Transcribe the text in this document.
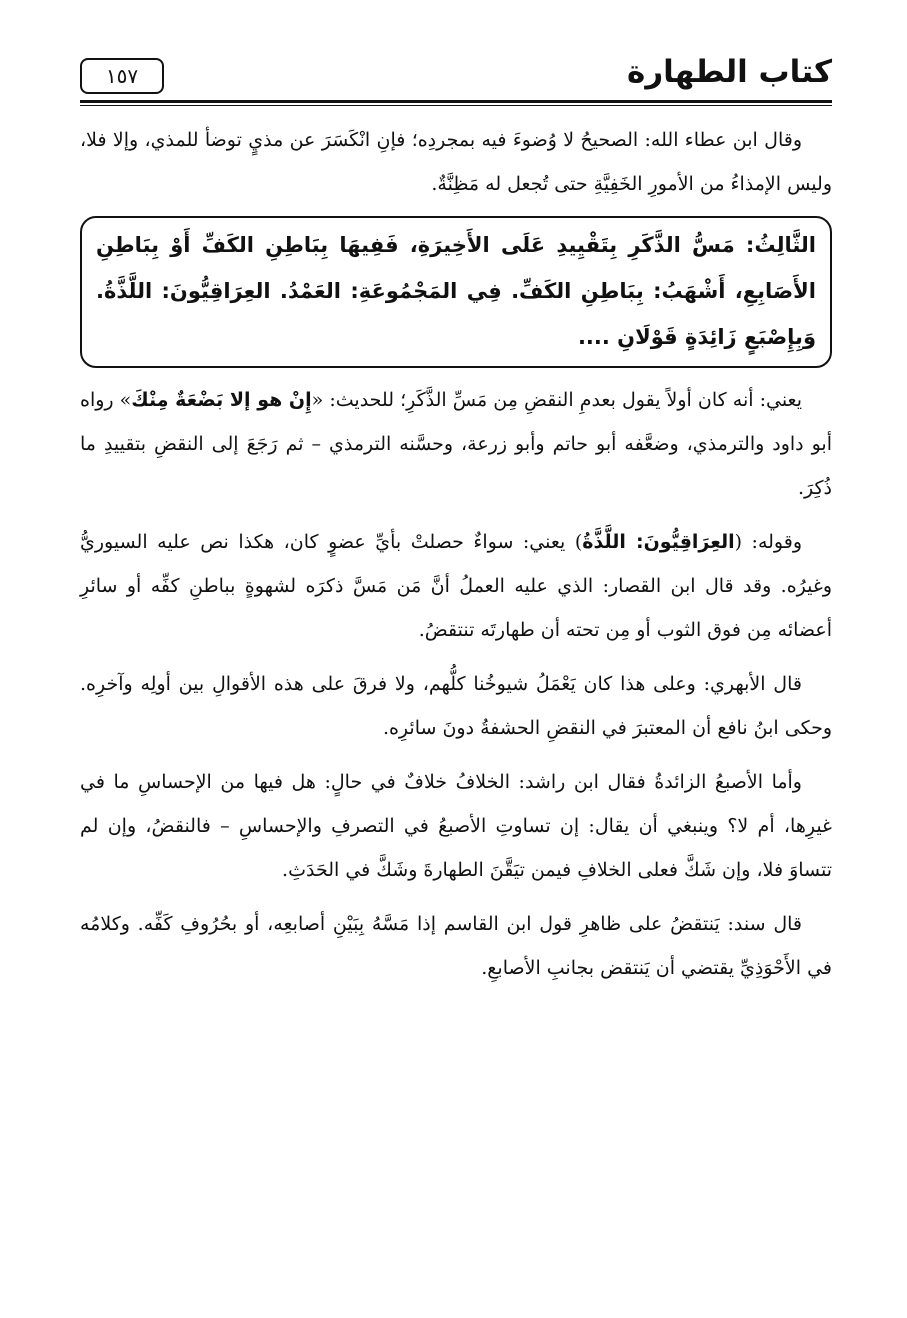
كتاب الطهارة
١٥٧

وقال ابن عطاء الله: الصحيحُ لا وُضوءَ فيه بمجردِه؛ فإنِ انْكَسَرَ عن مذيٍ توضأ للمذي، وإلا فلا، وليس الإمذاءُ من الأمورِ الخَفِيَّةِ حتى تُجعل له مَظِنَّةٌ.

الثَّالِثُ: مَسُّ الذَّكَرِ بِتَقْيِيدِ عَلَى الأَخِيرَةِ، فَفِيهَا بِبَاطِنِ الكَفِّ أَوْ بِبَاطِنِ الأَصَابِعِ، أَشْهَبُ: بِبَاطِنِ الكَفِّ. فِي المَجْمُوعَةِ: العَمْدُ. العِرَاقِيُّونَ: اللَّذَّةُ. وَبِإِصْبَعٍ زَائِدَةٍ قَوْلَانِ ....

يعني: أنه كان أولاً يقول بعدمِ النقضِ مِن مَسِّ الذَّكَرِ؛ للحديث: «إِنْ هو إلا بَضْعَةٌ مِنْكَ» رواه أبو داود والترمذي، وضعَّفه أبو حاتم وأبو زرعة، وحسَّنه الترمذي – ثم رَجَعَ إلى النقضِ بتقييدِ ما ذُكِرَ.

وقوله: (العِرَاقِيُّونَ: اللَّذَّةُ) يعني: سواءٌ حصلتْ بأيِّ عضوٍ كان، هكذا نص عليه السيوريُّ وغيرُه. وقد قال ابن القصار: الذي عليه العملُ أنَّ مَن مَسَّ ذكرَه لشهوةٍ بباطنِ كفِّه أو سائرِ أعضائه مِن فوق الثوب أو مِن تحته أن طهارتَه تنتقضُ.

قال الأبهري: وعلى هذا كان يَعْمَلُ شيوخُنا كلُّهم، ولا فرقَ على هذه الأقوالِ بين أولِه وآخرِه. وحكى ابنُ نافع أن المعتبرَ في النقضِ الحشفةُ دونَ سائرِه.

وأما الأصبعُ الزائدةُ فقال ابن راشد: الخلافُ خلافٌ في حالٍ: هل فيها من الإحساسِ ما في غيرِها، أم لا؟ وينبغي أن يقال: إن تساوتِ الأصبعُ في التصرفِ والإحساسِ – فالنقضُ، وإن لم تتساوَ فلا، وإن شَكَّ فعلى الخلافِ فيمن تيَقَّنَ الطهارةَ وشَكَّ في الحَدَثِ.

قال سند: يَنتقضُ على ظاهرِ قول ابن القاسم إذا مَسَّهُ بِبَيْنِ أصابعِه، أو بحُرُوفِ كَفِّه. وكلامُه في الأَحْوَذِيِّ يقتضي أن يَنتقض بجانبِ الأصابعِ.
